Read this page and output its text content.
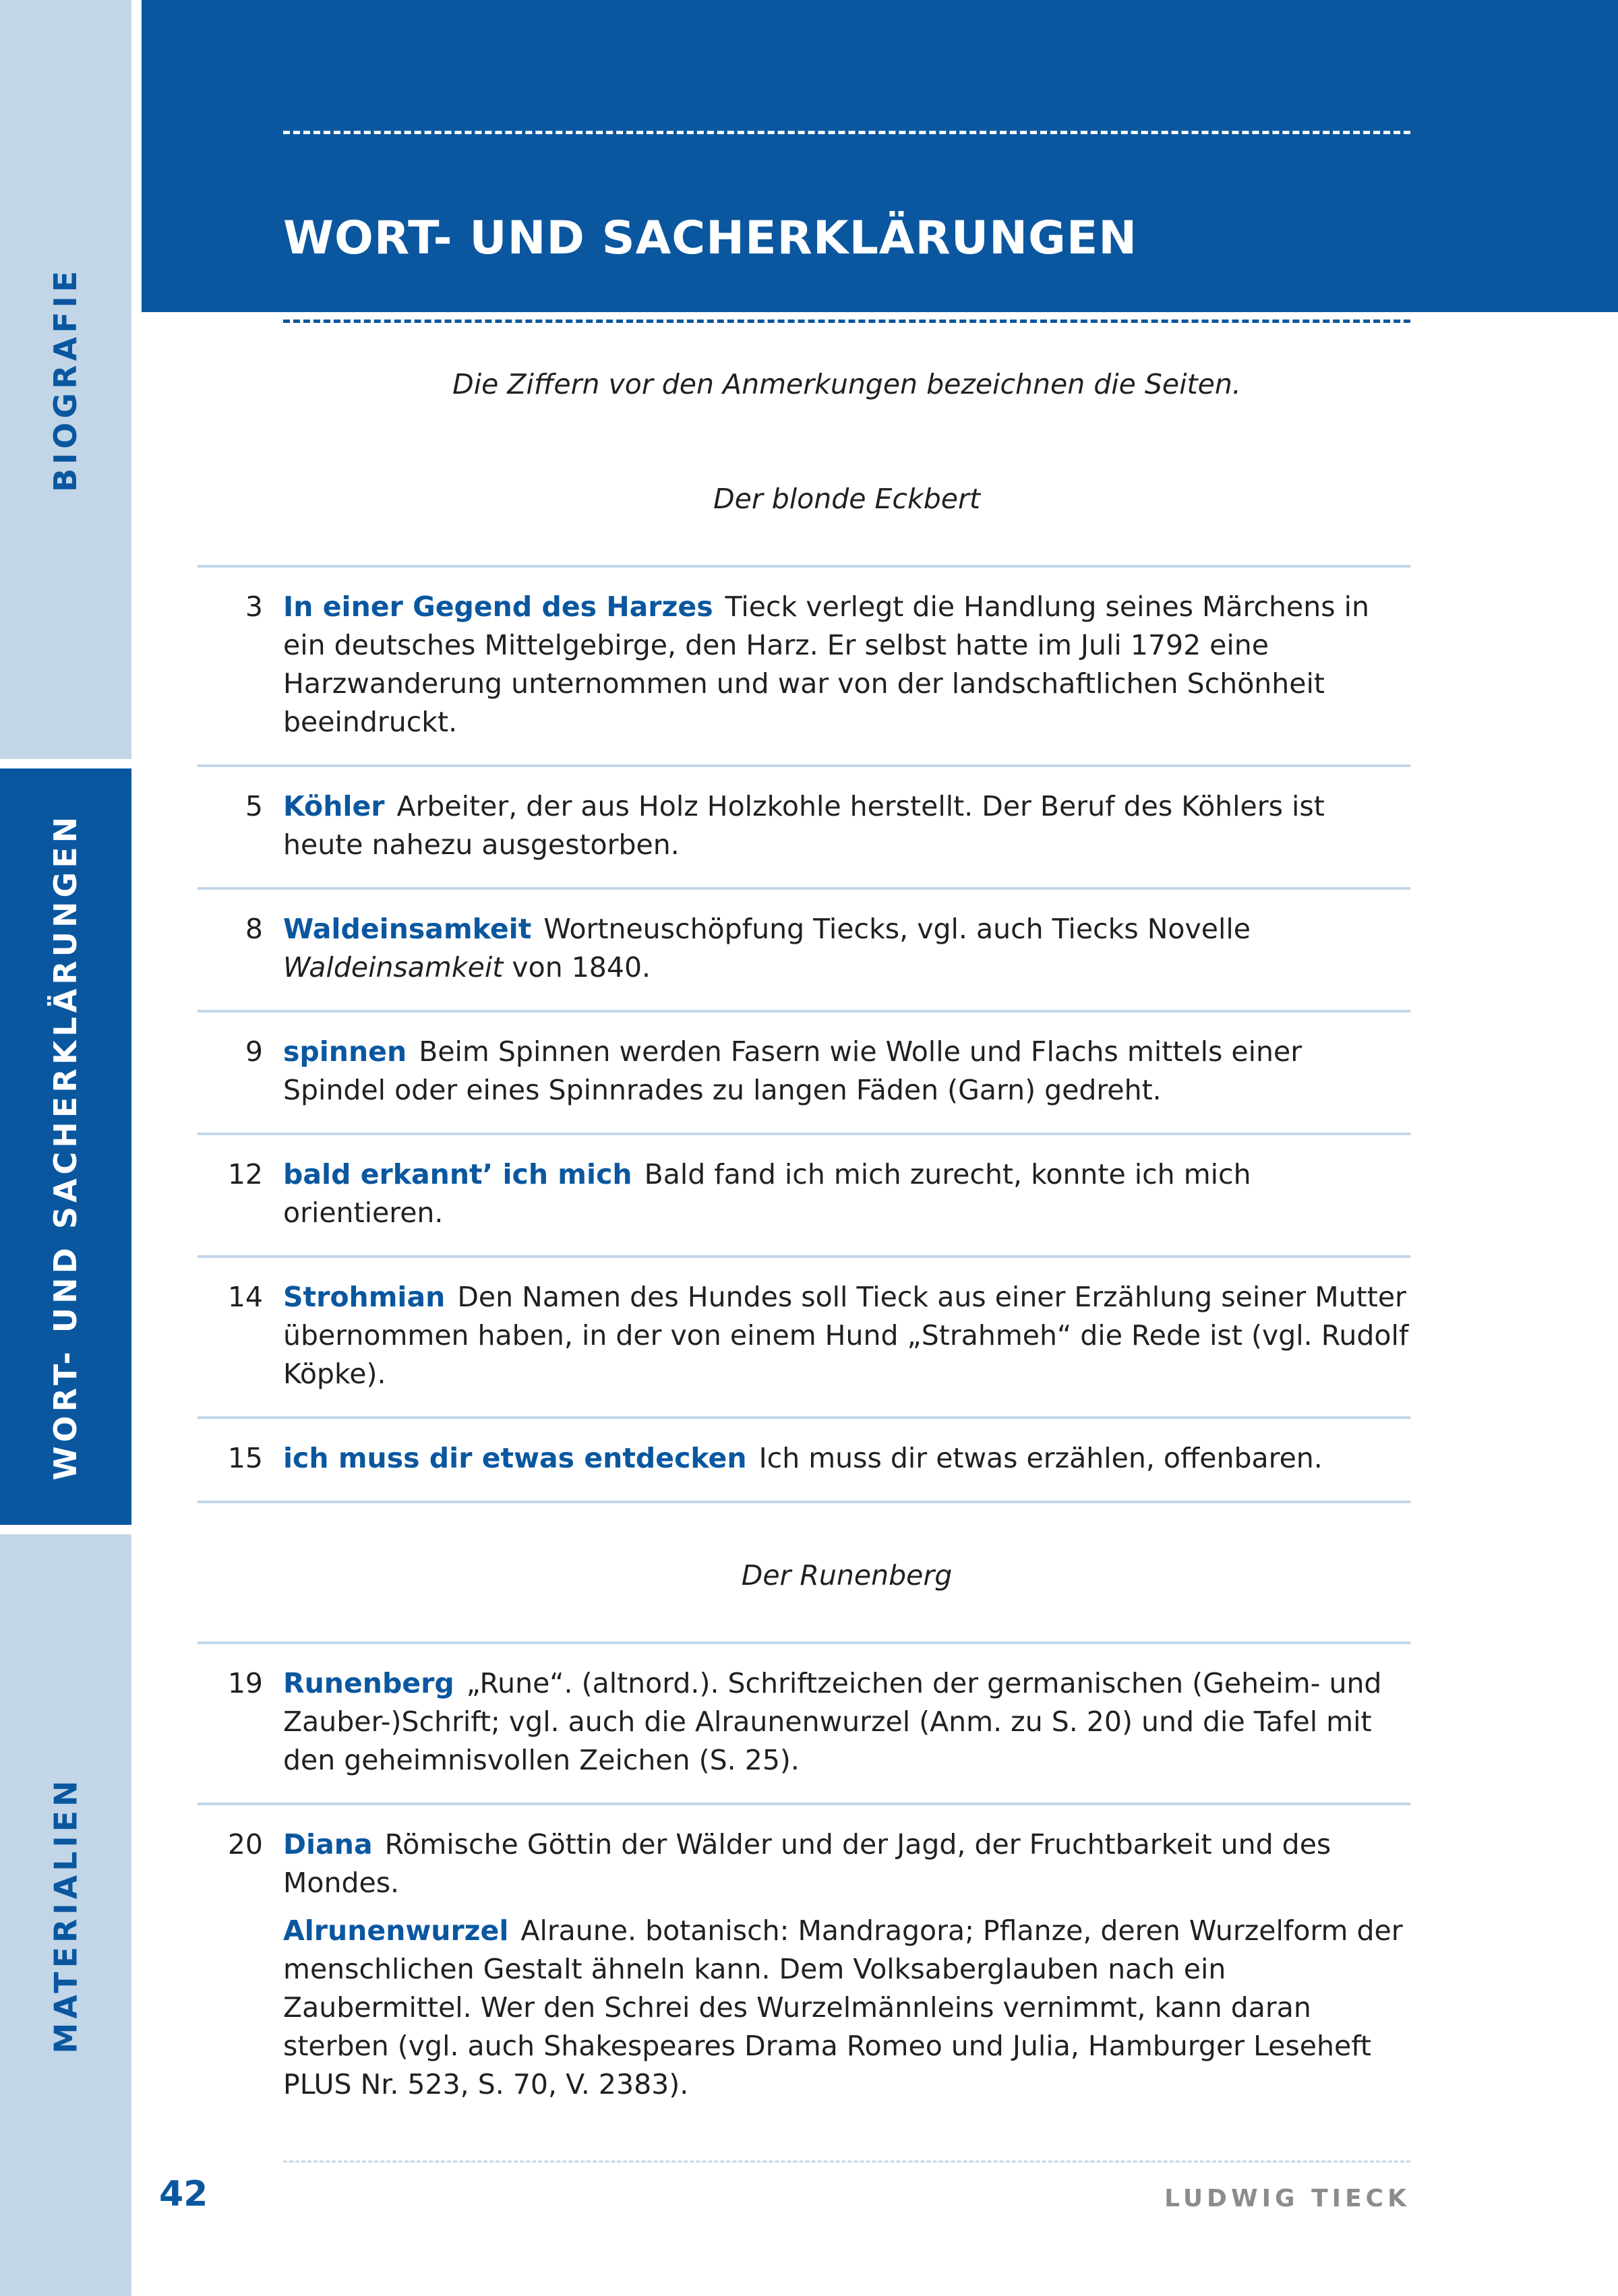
BIOGRAFIE
WORT- UND SACHERKLÄRUNGEN
MATERIALIEN
WORT- UND SACHERKLÄRUNGEN
Die Ziffern vor den Anmerkungen bezeichnen die Seiten.
Der blonde Eckbert
3 In einer Gegend des Harzes Tieck verlegt die Handlung seines Märchens in ein deutsches Mittelgebirge, den Harz. Er selbst hatte im Juli 1792 eine Harzwanderung unternommen und war von der landschaftlichen Schönheit beeindruckt.
5 Köhler Arbeiter, der aus Holz Holzkohle herstellt. Der Beruf des Köhlers ist heute nahezu ausgestorben.
8 Waldeinsamkeit Wortneuschöpfung Tiecks, vgl. auch Tiecks Novelle Waldeinsamkeit von 1840.
9 spinnen Beim Spinnen werden Fasern wie Wolle und Flachs mittels einer Spindel oder eines Spinnrades zu langen Fäden (Garn) gedreht.
12 bald erkannt’ ich mich Bald fand ich mich zurecht, konnte ich mich orientieren.
14 Strohmian Den Namen des Hundes soll Tieck aus einer Erzählung seiner Mutter übernommen haben, in der von einem Hund „Strahmeh“ die Rede ist (vgl. Rudolf Köpke).
15 ich muss dir etwas entdecken Ich muss dir etwas erzählen, offenbaren.
Der Runenberg
19 Runenberg „Rune“. (altnord.). Schriftzeichen der germanischen (Geheim- und Zauber-)Schrift; vgl. auch die Alraunenwurzel (Anm. zu S. 20) und die Tafel mit den geheimnisvollen Zeichen (S. 25).
20 Diana Römische Göttin der Wälder und der Jagd, der Fruchtbarkeit und des Mondes.
Alrunenwurzel Alraune. botanisch: Mandragora; Pflanze, deren Wurzelform der menschlichen Gestalt ähneln kann. Dem Volksaberglauben nach ein Zaubermittel. Wer den Schrei des Wurzelmännleins vernimmt, kann daran sterben (vgl. auch Shakespeares Drama Romeo und Julia, Hamburger Leseheft PLUS Nr. 523, S. 70, V. 2383).
42	LUDWIG TIECK
